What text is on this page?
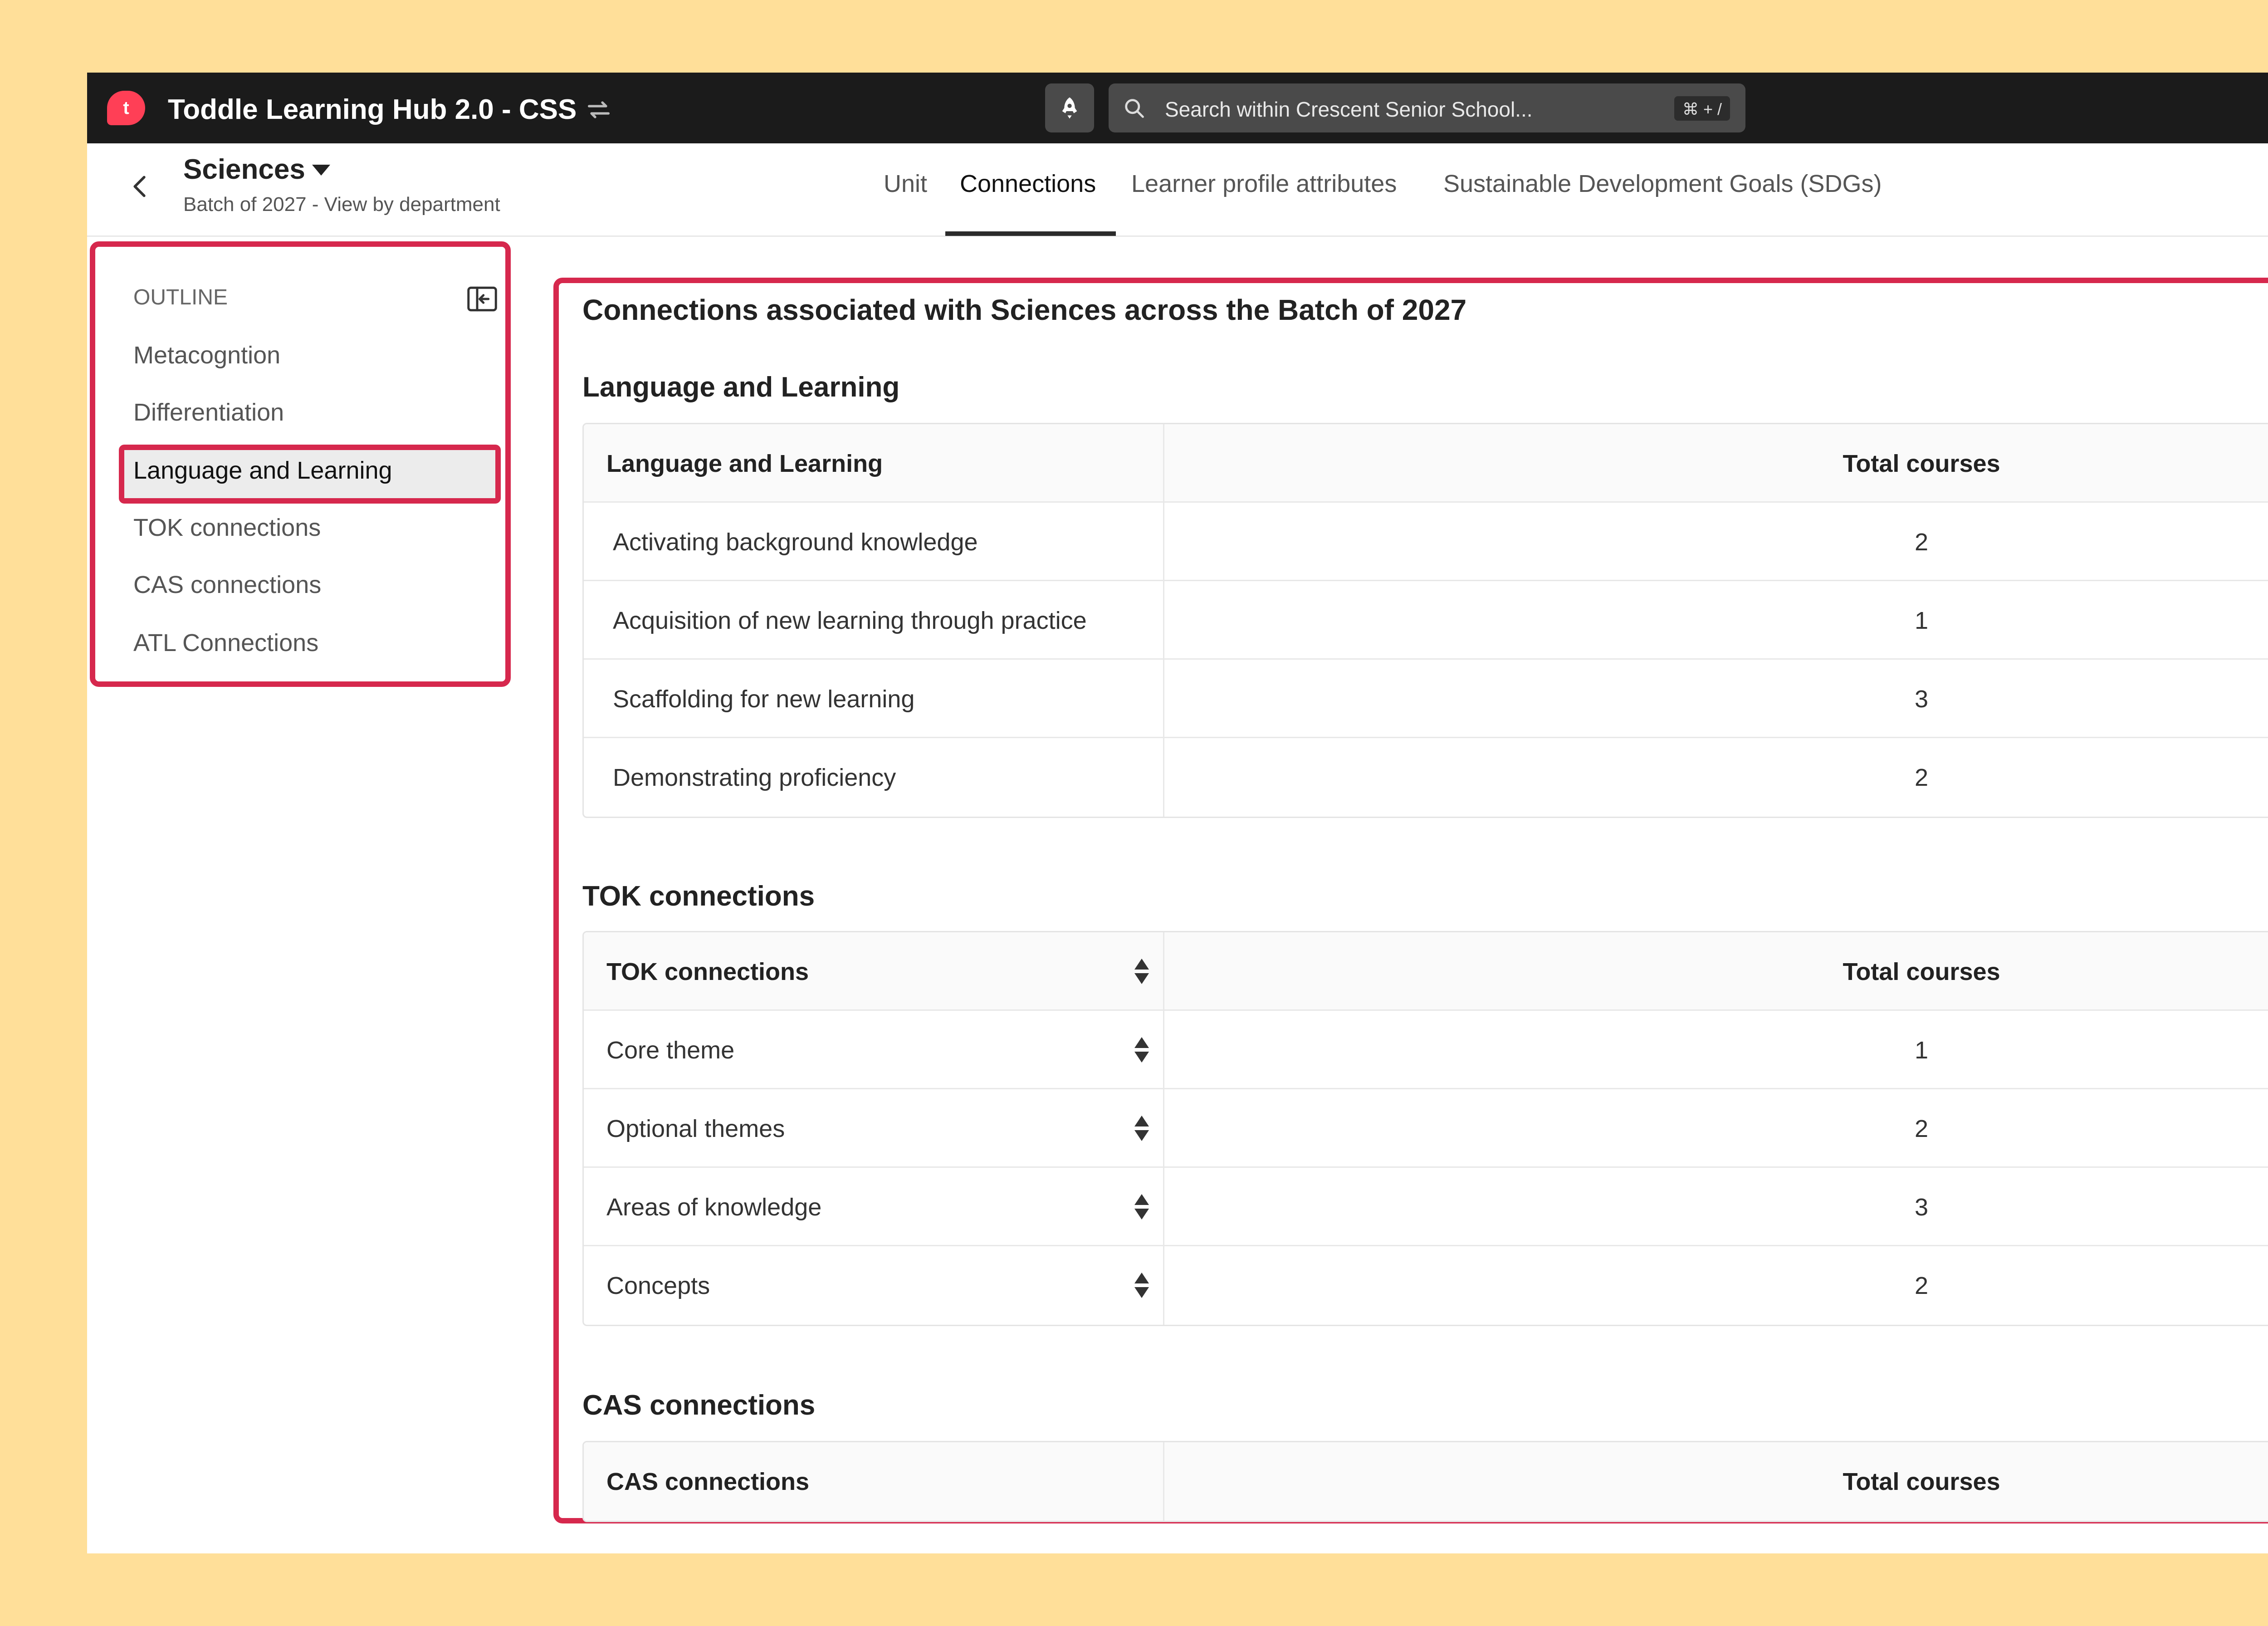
t	Toddle Learning Hub 2.0 - CSS	Search within Crescent Senior School...	⌘ + /
Sciences
Batch of 2027 - View by department
Unit Connections Learner profile attributes Sustainable Development Goals (SDGs)
OUTLINE
Metacogntion
Differentiation
Language and Learning
TOK connections
CAS connections
ATL Connections
Connections associated with Sciences across the Batch of 2027
Language and Learning
Language and Learning	Total courses
Activating background knowledge	2
Acquisition of new learning through practice	1
Scaffolding for new learning	3
Demonstrating proficiency	2
TOK connections
TOK connections	Total courses
Core theme	1
Optional themes	2
Areas of knowledge	3
Concepts	2
CAS connections
CAS connections	Total courses
